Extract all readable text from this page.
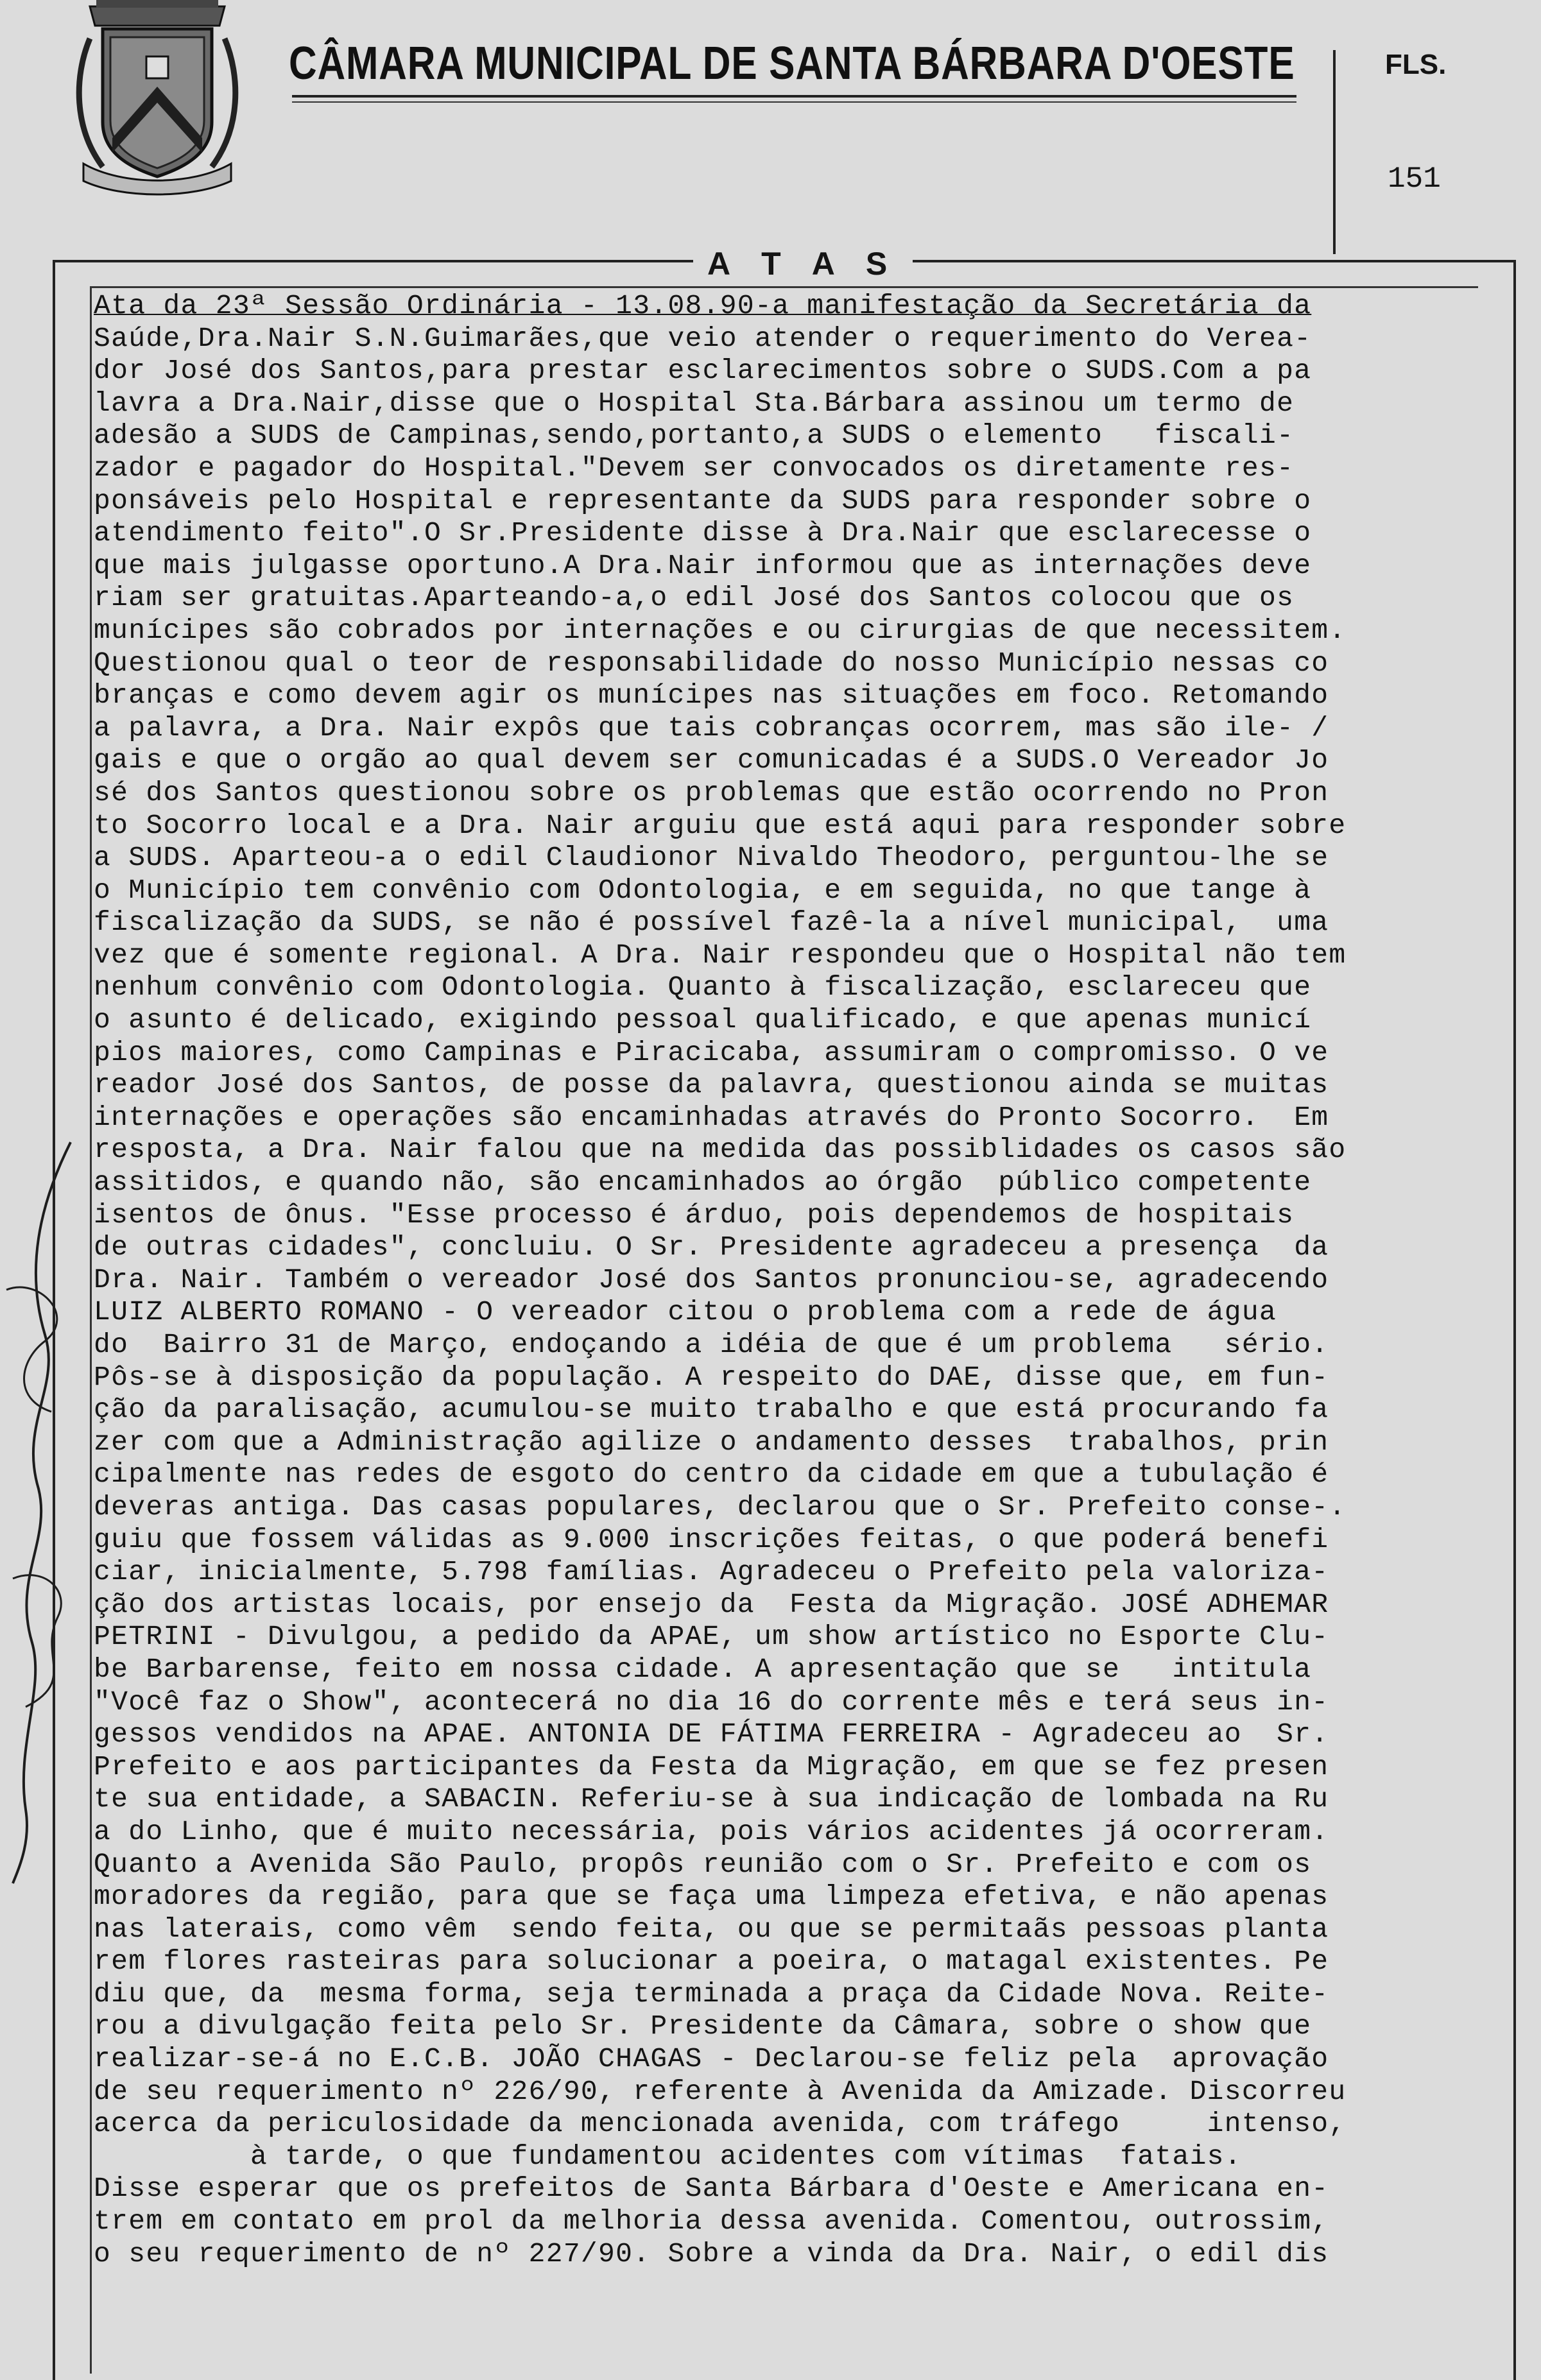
CÂMARA MUNICIPAL DE SANTA BÁRBARA D'OESTE	FLS.
151
A T A S
Ata da 23ª Sessão Ordinária - 13.08.90-a manifestação da Secretária da
Saúde,Dra.Nair S.N.Guimarães,que veio atender o requerimento do Verea-
dor José dos Santos,para prestar esclarecimentos sobre o SUDS.Com a pa
lavra a Dra.Nair,disse que o Hospital Sta.Bárbara assinou um termo de
adesão a SUDS de Campinas,sendo,portanto,a SUDS o elemento   fiscali-
zador e pagador do Hospital."Devem ser convocados os diretamente res-
ponsáveis pelo Hospital e representante da SUDS para responder sobre o
atendimento feito".O Sr.Presidente disse à Dra.Nair que esclarecesse o
que mais julgasse oportuno.A Dra.Nair informou que as internações deve
riam ser gratuitas.Aparteando-a,o edil José dos Santos colocou que os
munícipes são cobrados por internações e ou cirurgias de que necessitem.
Questionou qual o teor de responsabilidade do nosso Município nessas co
branças e como devem agir os munícipes nas situações em foco. Retomando
a palavra, a Dra. Nair expôs que tais cobranças ocorrem, mas são ile- /
gais e que o orgão ao qual devem ser comunicadas é a SUDS.O Vereador Jo
sé dos Santos questionou sobre os problemas que estão ocorrendo no Pron
to Socorro local e a Dra. Nair arguiu que está aqui para responder sobre
a SUDS. Aparteou-a o edil Claudionor Nivaldo Theodoro, perguntou-lhe se
o Município tem convênio com Odontologia, e em seguida, no que tange à
fiscalização da SUDS, se não é possível fazê-la a nível municipal,  uma
vez que é somente regional. A Dra. Nair respondeu que o Hospital não tem
nenhum convênio com Odontologia. Quanto à fiscalização, esclareceu que
o asunto é delicado, exigindo pessoal qualificado, e que apenas municí
pios maiores, como Campinas e Piracicaba, assumiram o compromisso. O ve
reador José dos Santos, de posse da palavra, questionou ainda se muitas
internações e operações são encaminhadas através do Pronto Socorro.  Em
resposta, a Dra. Nair falou que na medida das possiblidades os casos são
assitidos, e quando não, são encaminhados ao órgão  público competente
isentos de ônus. "Esse processo é árduo, pois dependemos de hospitais
de outras cidades", concluiu. O Sr. Presidente agradeceu a presença  da
Dra. Nair. Também o vereador José dos Santos pronunciou-se, agradecendo
LUIZ ALBERTO ROMANO - O vereador citou o problema com a rede de água
do  Bairro 31 de Março, endoçando a idéia de que é um problema   sério.
Pôs-se à disposição da população. A respeito do DAE, disse que, em fun-
ção da paralisação, acumulou-se muito trabalho e que está procurando fa
zer com que a Administração agilize o andamento desses  trabalhos, prin
cipalmente nas redes de esgoto do centro da cidade em que a tubulação é
deveras antiga. Das casas populares, declarou que o Sr. Prefeito conse-.
guiu que fossem válidas as 9.000 inscrições feitas, o que poderá benefi
ciar, inicialmente, 5.798 famílias. Agradeceu o Prefeito pela valoriza-
ção dos artistas locais, por ensejo da  Festa da Migração. JOSÉ ADHEMAR
PETRINI - Divulgou, a pedido da APAE, um show artístico no Esporte Clu-
be Barbarense, feito em nossa cidade. A apresentação que se   intitula
"Você faz o Show", acontecerá no dia 16 do corrente mês e terá seus in-
gessos vendidos na APAE. ANTONIA DE FÁTIMA FERREIRA - Agradeceu ao  Sr.
Prefeito e aos participantes da Festa da Migração, em que se fez presen
te sua entidade, a SABACIN. Referiu-se à sua indicação de lombada na Ru
a do Linho, que é muito necessária, pois vários acidentes já ocorreram.
Quanto a Avenida São Paulo, propôs reunião com o Sr. Prefeito e com os
moradores da região, para que se faça uma limpeza efetiva, e não apenas
nas laterais, como vêm  sendo feita, ou que se permitaãs pessoas planta
rem flores rasteiras para solucionar a poeira, o matagal existentes. Pe
diu que, da  mesma forma, seja terminada a praça da Cidade Nova. Reite-
rou a divulgação feita pelo Sr. Presidente da Câmara, sobre o show que
realizar-se-á no E.C.B. JOÃO CHAGAS - Declarou-se feliz pela  aprovação
de seu requerimento nº 226/90, referente à Avenida da Amizade. Discorreu
acerca da periculosidade da mencionada avenida, com tráfego     intenso,
à tarde, o que fundamentou acidentes com vítimas  fatais.
Disse esperar que os prefeitos de Santa Bárbara d'Oeste e Americana en-
trem em contato em prol da melhoria dessa avenida. Comentou, outrossim,
o seu requerimento de nº 227/90. Sobre a vinda da Dra. Nair, o edil dis
